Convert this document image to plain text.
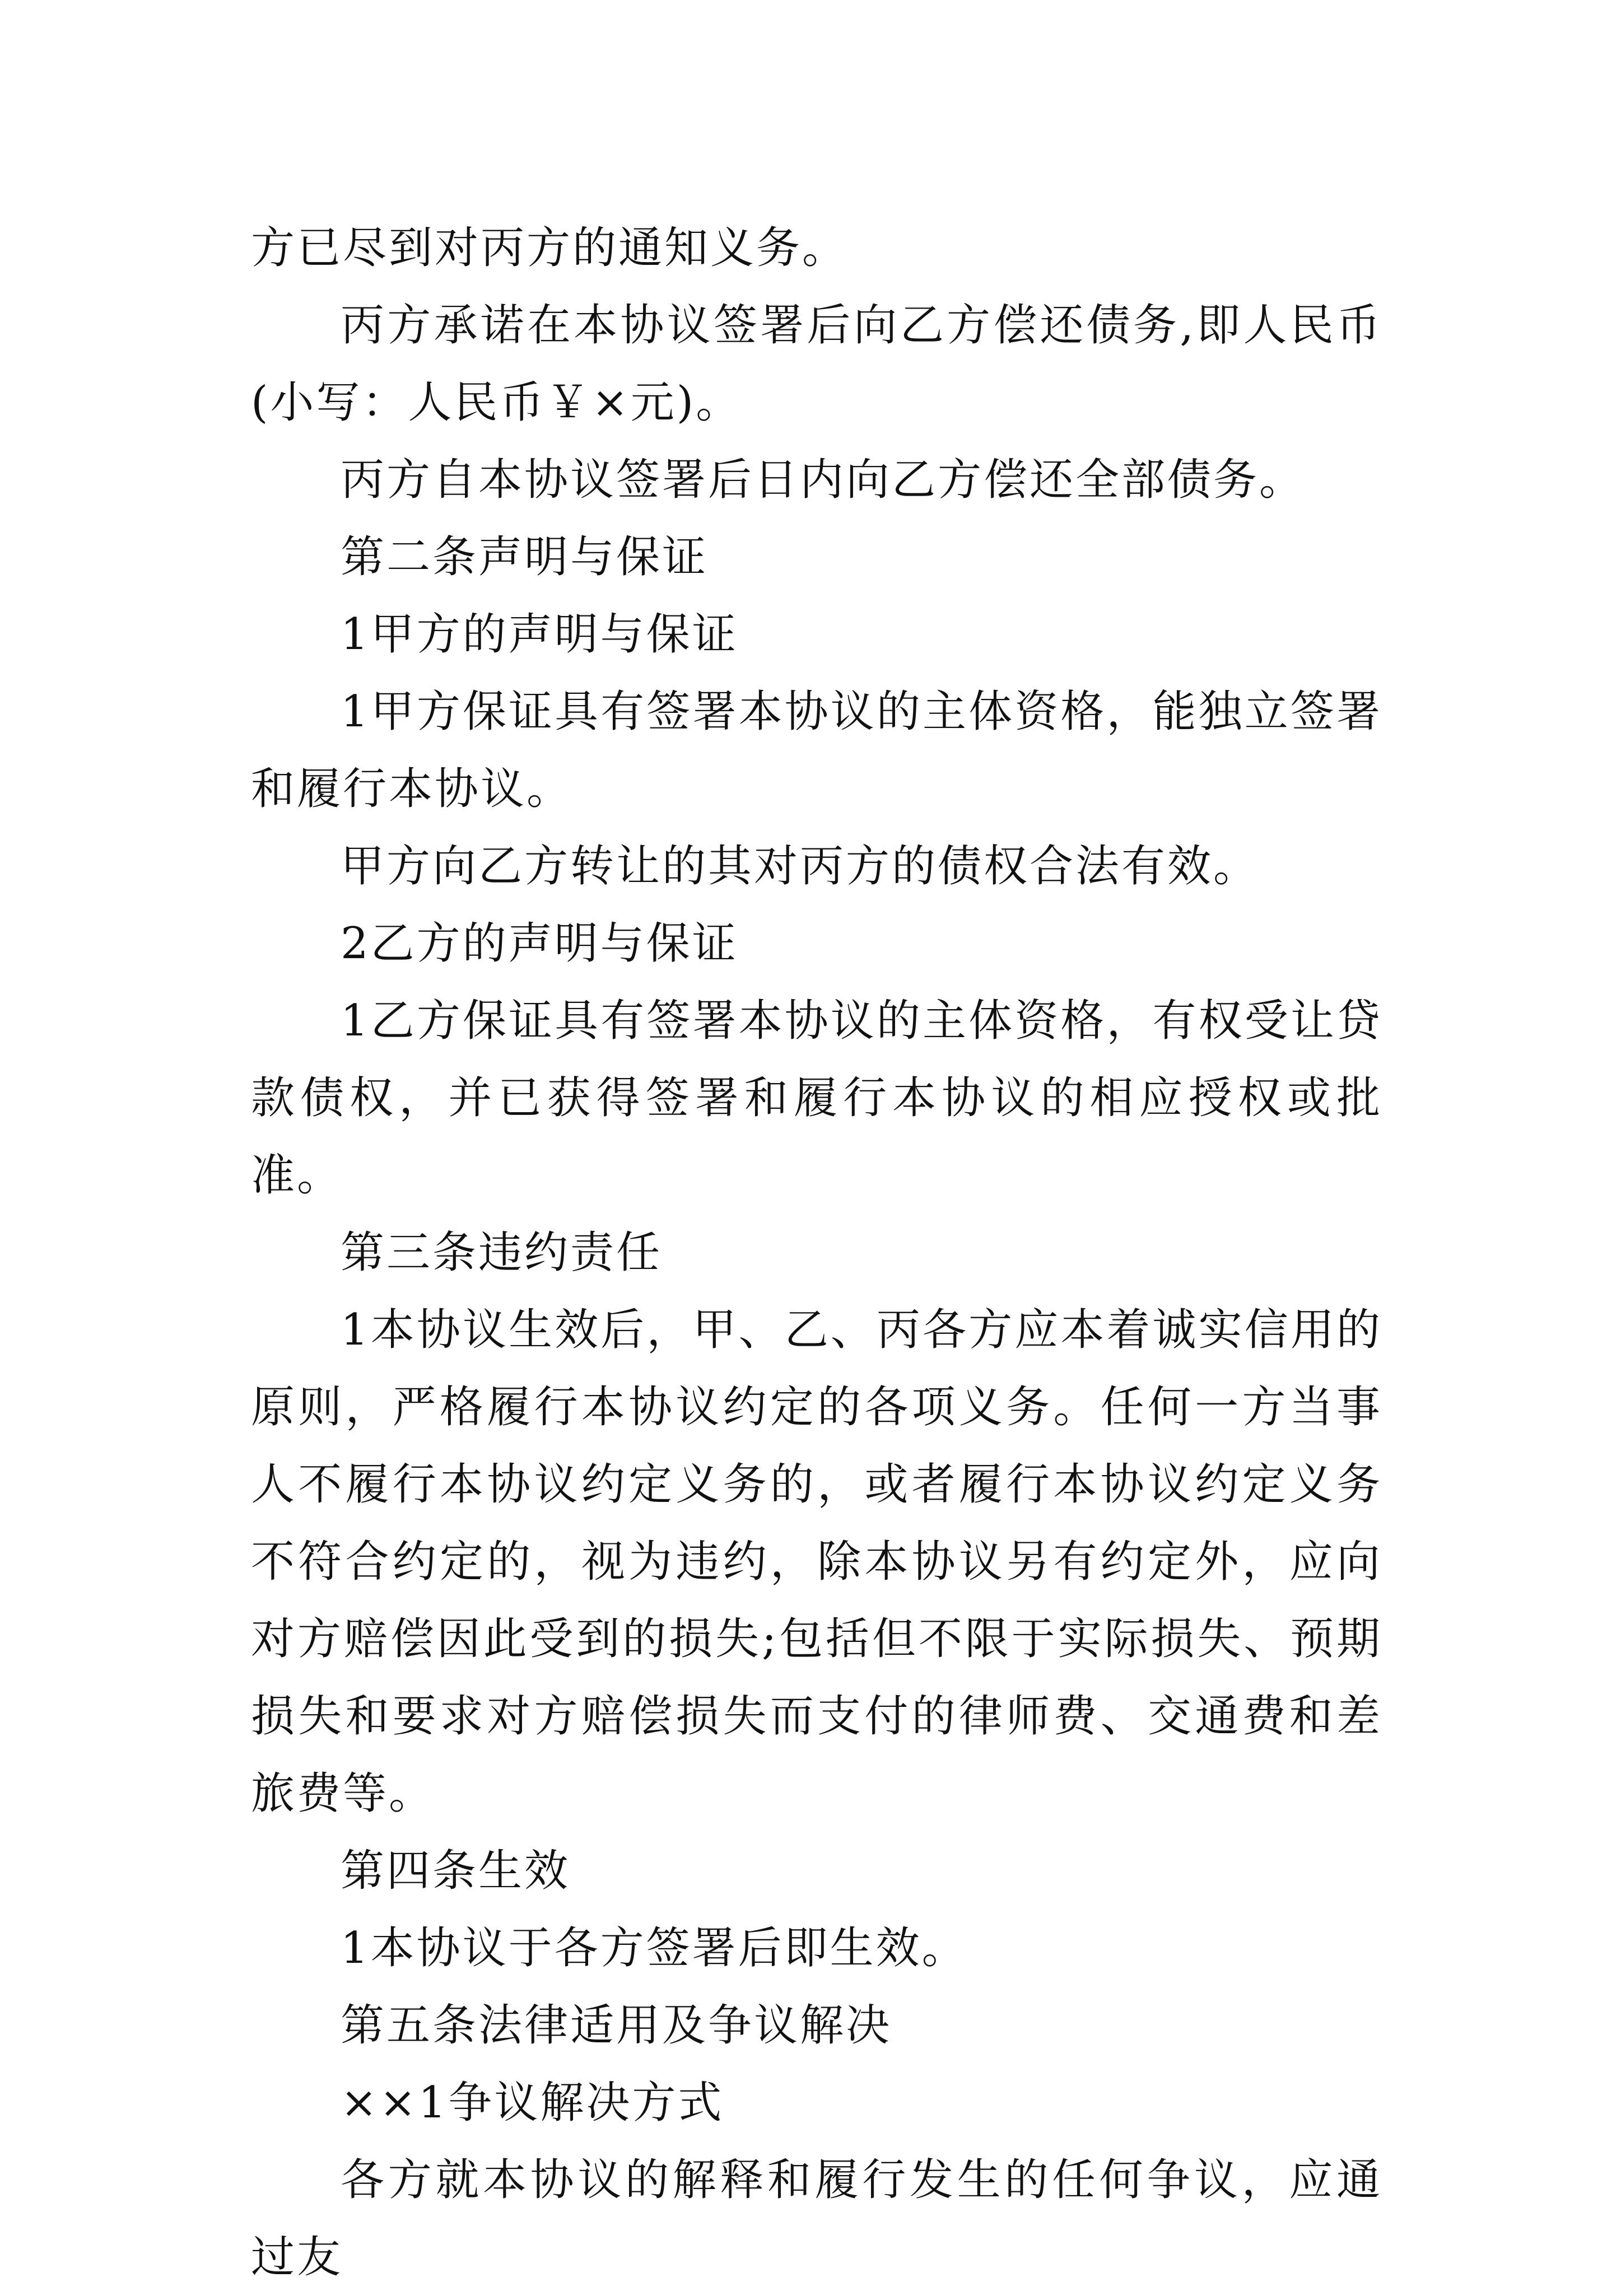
方已尽到对丙方的通知义务。

丙方承诺在本协议签署后向乙方偿还债务,即人民币(小写：人民币￥×元)。

丙方自本协议签署后日内向乙方偿还全部债务。

第二条声明与保证

1甲方的声明与保证

1甲方保证具有签署本协议的主体资格，能独立签署和履行本协议。

甲方向乙方转让的其对丙方的债权合法有效。

2乙方的声明与保证

1乙方保证具有签署本协议的主体资格，有权受让贷款债权，并已获得签署和履行本协议的相应授权或批准。

第三条违约责任

1本协议生效后，甲、乙、丙各方应本着诚实信用的原则，严格履行本协议约定的各项义务。任何一方当事人不履行本协议约定义务的，或者履行本协议约定义务不符合约定的，视为违约，除本协议另有约定外，应向对方赔偿因此受到的损失;包括但不限于实际损失、预期损失和要求对方赔偿损失而支付的律师费、交通费和差旅费等。

第四条生效

1本协议于各方签署后即生效。

第五条法律适用及争议解决

××1争议解决方式

各方就本协议的解释和履行发生的任何争议，应通过友
